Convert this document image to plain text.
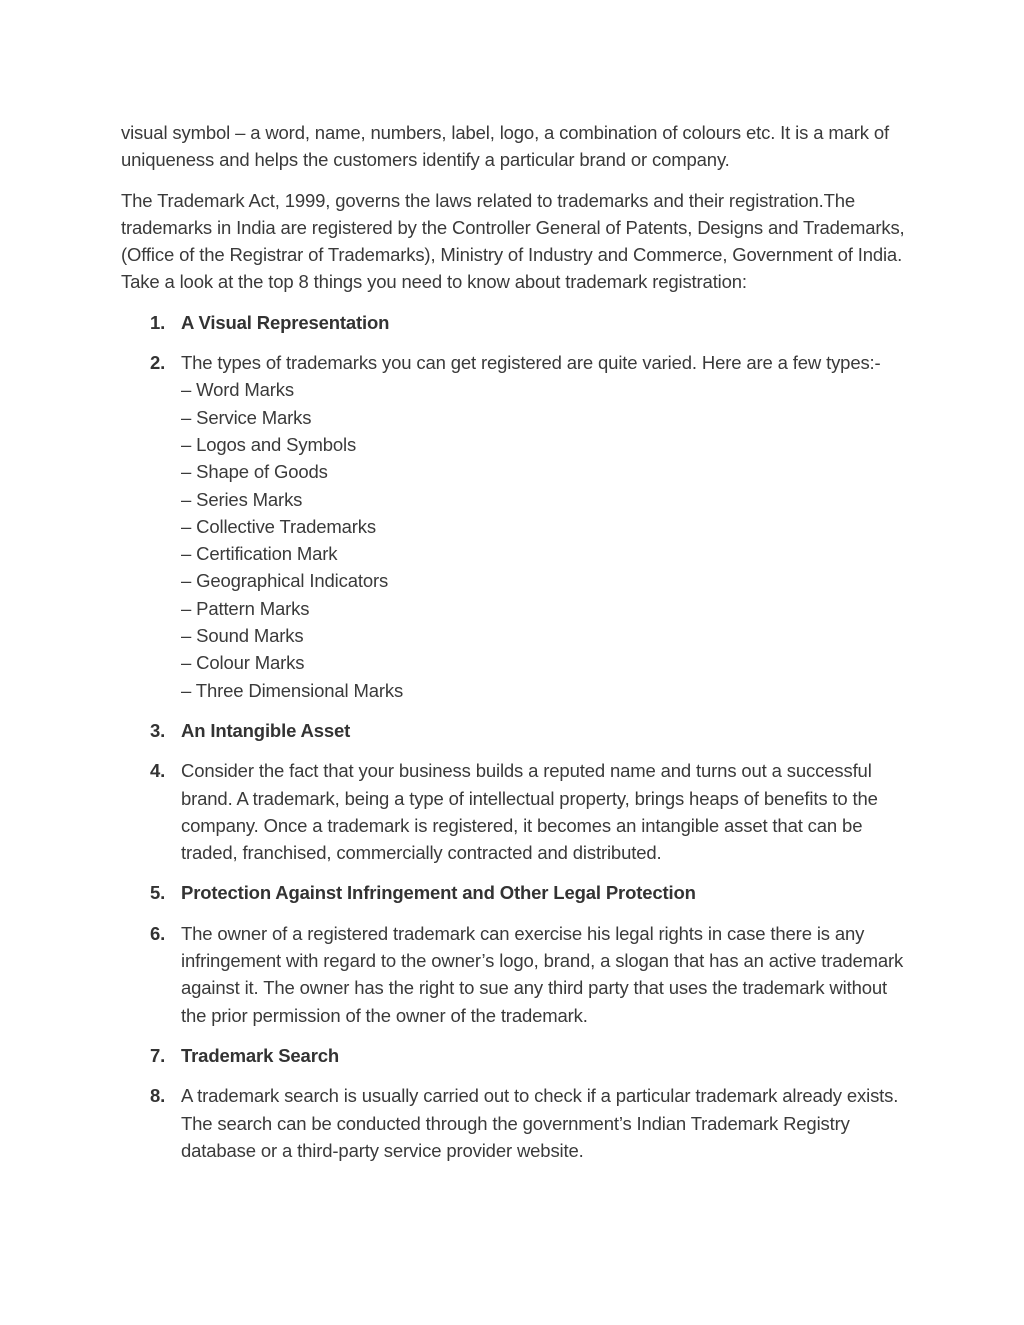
visual symbol – a word, name, numbers, label, logo, a combination of colours etc. It is a mark of uniqueness and helps the customers identify a particular brand or company.

The Trademark Act, 1999, governs the laws related to trademarks and their registration.The trademarks in India are registered by the Controller General of Patents, Designs and Trademarks, (Office of the Registrar of Trademarks), Ministry of Industry and Commerce, Government of India.

Take a look at the top 8 things you need to know about trademark registration:

1. A Visual Representation
2. The types of trademarks you can get registered are quite varied. Here are a few types:-
– Word Marks
– Service Marks
– Logos and Symbols
– Shape of Goods
– Series Marks
– Collective Trademarks
– Certification Mark
– Geographical Indicators
– Pattern Marks
– Sound Marks
– Colour Marks
– Three Dimensional Marks
3. An Intangible Asset
4. Consider the fact that your business builds a reputed name and turns out a successful brand. A trademark, being a type of intellectual property, brings heaps of benefits to the company. Once a trademark is registered, it becomes an intangible asset that can be traded, franchised, commercially contracted and distributed.
5. Protection Against Infringement and Other Legal Protection
6. The owner of a registered trademark can exercise his legal rights in case there is any infringement with regard to the owner’s logo, brand, a slogan that has an active trademark against it. The owner has the right to sue any third party that uses the trademark without the prior permission of the owner of the trademark.
7. Trademark Search
8. A trademark search is usually carried out to check if a particular trademark already exists. The search can be conducted through the government’s Indian Trademark Registry database or a third-party service provider website.
